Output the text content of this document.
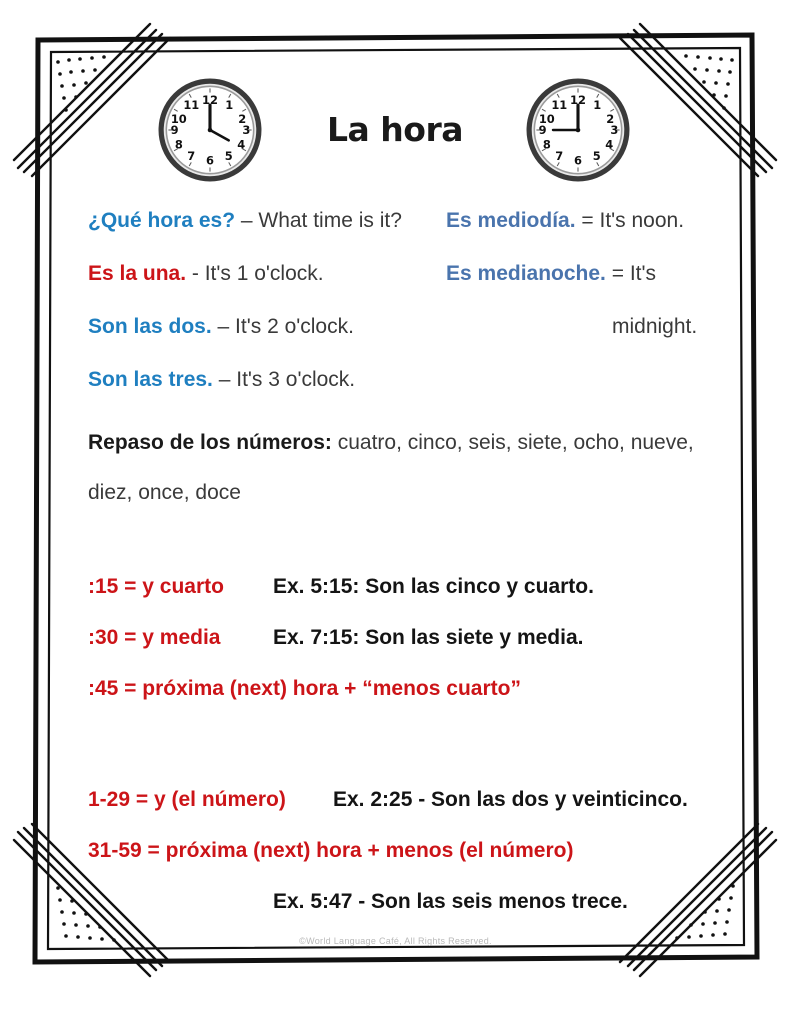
12 1
2
3
4
5
6
7
8
9
10
11
La hora
12 1
2
3
4
5
6
7
8
9
10
11
¿Qué hora es? – What time is it? Es mediodía. = It's noon.
Es la una. - It's 1 o'clock.	Es medianoche. = It's
Son las dos. – It's 2 o'clock.	midnight.
Son las tres. – It's 3 o'clock.
Repaso de los números: cuatro, cinco, seis, siete, ocho, nueve, diez, once, doce
:15 = y cuarto Ex. 5:15: Son las cinco y cuarto.
:30 = y media	Ex. 7:15: Son las siete y media.
:45 = próxima (next) hora + “menos cuarto”
1-29 = y (el número) Ex. 2:25 - Son las dos y veinticinco.
31-59 = próxima (next) hora + menos (el número)
Ex. 5:47 - Son las seis menos trece.
©World Language Café, All Rights Reserved.
